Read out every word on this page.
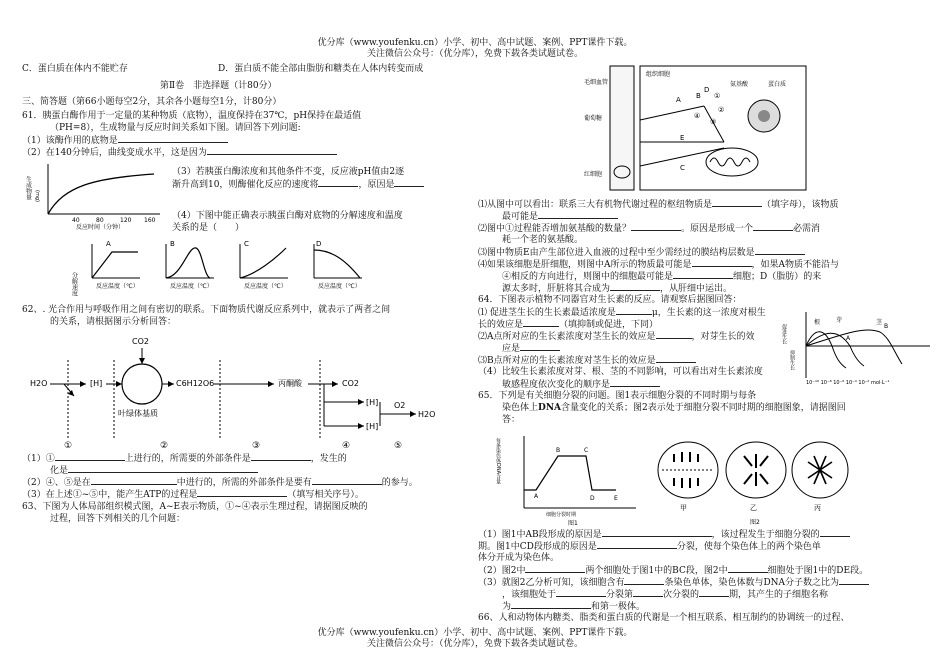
优分库（www.youfenku.cn）小学、初中、高中试题、案例、PPT课件下载。
关注微信公众号：（优分库），免费下载各类试题试卷。
C．蛋白质在体内不能贮存	D．蛋白质不能全部由脂肪和糖类在人体内转变而成
第Ⅱ卷　非选择题（计80分）
三、简答题（第66小题每空2分，其余各小题每空1分，计80分）
61．胰蛋白酶作用于一定量的某种物质（底物），温度保持在37℃，pH保持在最适值
（PH=8），生成物量与反应时间关系如下图。请回答下列问题:
（1）该酶作用的底物是
（2）在140分钟后，曲线变成水平，这是因为
生成物量 (mg)
40	80	120 160
反应时间（分钟）
（3）若胰蛋白酶浓度和其他条件不变，反应液pH值由2逐
渐升高到10，则酶催化反应的速度将	，原因是
（4）下图中能正确表示胰蛋白酶对底物的分解速度和温度
关系的是（　　）
A	B	C	D
分解速度	反应温度（℃）	反应温度（℃）	反应温度（℃）	反应温度（℃）
62、. 光合作用与呼吸作用之间有密切的联系。下面物质代谢反应系列中，就表示了两者之间
的关系，请根据图示分析回答：
H2O	[H]
CO2
C6H12O6
叶绿体基质
丙酮酸	CO2
[H]
[H]
O2
H2O
①	②	③	④	⑤
（1）①	上进行的，所需要的外部条件是	，发生的
化是
（2）④、⑤是在	中进行的，所需的外部条件是要有	的参与。
（3）在上述①~⑤中，能产生ATP的过程是	（填写相关序号）。
63、下图为人体局部组织模式图，A~E表示物质，①~④表示生理过程，请据图反映的
过程，回答下列相关的几个问题：
毛细血管
葡萄糖
红细胞
组织细胞
氨基酸	蛋白质
A B
C
D
E
①
②
③
④
⑴从图中可以看出：联系三大有机物代谢过程的枢纽物质是	（填字母），该物质
最可能是
⑵图中①过程能否增加氨基酸的数量？	。原因是形成一个	必需消
耗一个老的氨基酸。
⑶图中物质E由产生部位进入血液的过程中至少需经过的膜结构层数是
⑷如果该细胞是肝细胞，则图中A所示的物质最可能是	，如果A物质不能沿与
④相反的方向进行，则图中的细胞最可能是	细胞；D（脂肪）的来
源太多时，肝脏将其合成为	，从肝细中运出。
64．下图表示植物不同器官对生长素的反应。请观察后据图回答：
⑴ 促进茎生长的生长素最适浓度是	μ，生长素的这一浓度对根生
长的效应是	（填抑制或促进，下同）
⑵A点所对应的生长素浓度对茎生长的效应是	，对芽生长的效
应是
⑶B点所对应的生长素浓度对茎生长的效应是
（4）比较生长素浓度对芽、根、茎的不同影响，可以看出对生长素浓度
敏感程度依次变化的顺序是
促进生长
抑制生长
根	芽	茎
A
B
10⁻¹⁰ 10⁻⁸ 10⁻⁶ 10⁻⁴ 10⁻² mol·L⁻¹
65．下列是有关细胞分裂的问题。图1表示细胞分裂的不同时期与每条
染色体上DNA含量变化的关系；图2表示处于细胞分裂不同时期的细胞图象，请据图回
答：
每条染色体DNA含量
A
B	C
D	E
细胞分裂时期
图1
甲	乙	丙
图2
（1）图1中AB段形成的原因是	，该过程发生于细胞分裂的
期。图1中CD段形成的原因是	分裂，使每个染色体上的两个染色单
体分开成为染色体。
（2）图2中	两个细胞处于图1中的BC段，图2中	细胞处于图1中的DE段。
（3）就图2乙分析可知，该细胞含有	条染色单体，染色体数与DNA分子数之比为
，该细胞处于	分裂第	次分裂的	期，其产生的子细胞名称
为	和第一极体。
66、人和动物体内糖类、脂类和蛋白质的代谢是一个相互联系、相互制约的协调统一的过程、
优分库（www.youfenku.cn）小学、初中、高中试题、案例、PPT课件下载。
关注微信公众号：（优分库），免费下载各类试题试卷。
